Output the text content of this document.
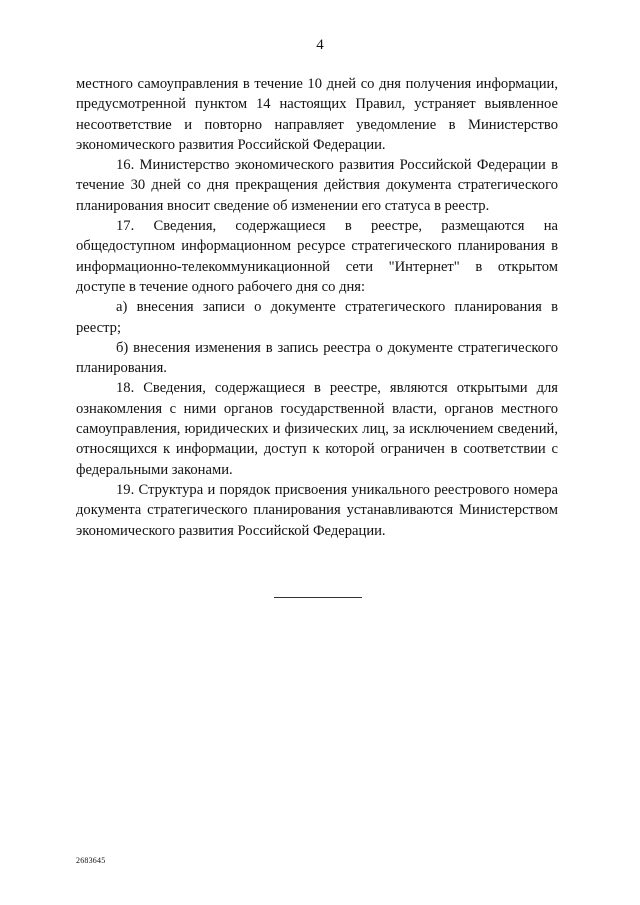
4

местного самоуправления в течение 10 дней со дня получения информации, предусмотренной пунктом 14 настоящих Правил, устраняет выявленное несоответствие и повторно направляет уведомление в Министерство экономического развития Российской Федерации.

16. Министерство экономического развития Российской Федерации в течение 30 дней со дня прекращения действия документа стратегического планирования вносит сведение об изменении его статуса в реестр.

17. Сведения, содержащиеся в реестре, размещаются на общедоступном информационном ресурсе стратегического планирования в информационно-телекоммуникационной сети "Интернет" в открытом доступе в течение одного рабочего дня со дня:

а) внесения записи о документе стратегического планирования в реестр;

б) внесения изменения в запись реестра о документе стратегического планирования.

18. Сведения, содержащиеся в реестре, являются открытыми для ознакомления с ними органов государственной власти, органов местного самоуправления, юридических и физических лиц, за исключением сведений, относящихся к информации, доступ к которой ограничен в соответствии с федеральными законами.

19. Структура и порядок присвоения уникального реестрового номера документа стратегического планирования устанавливаются Министерством экономического развития Российской Федерации.

2683645
